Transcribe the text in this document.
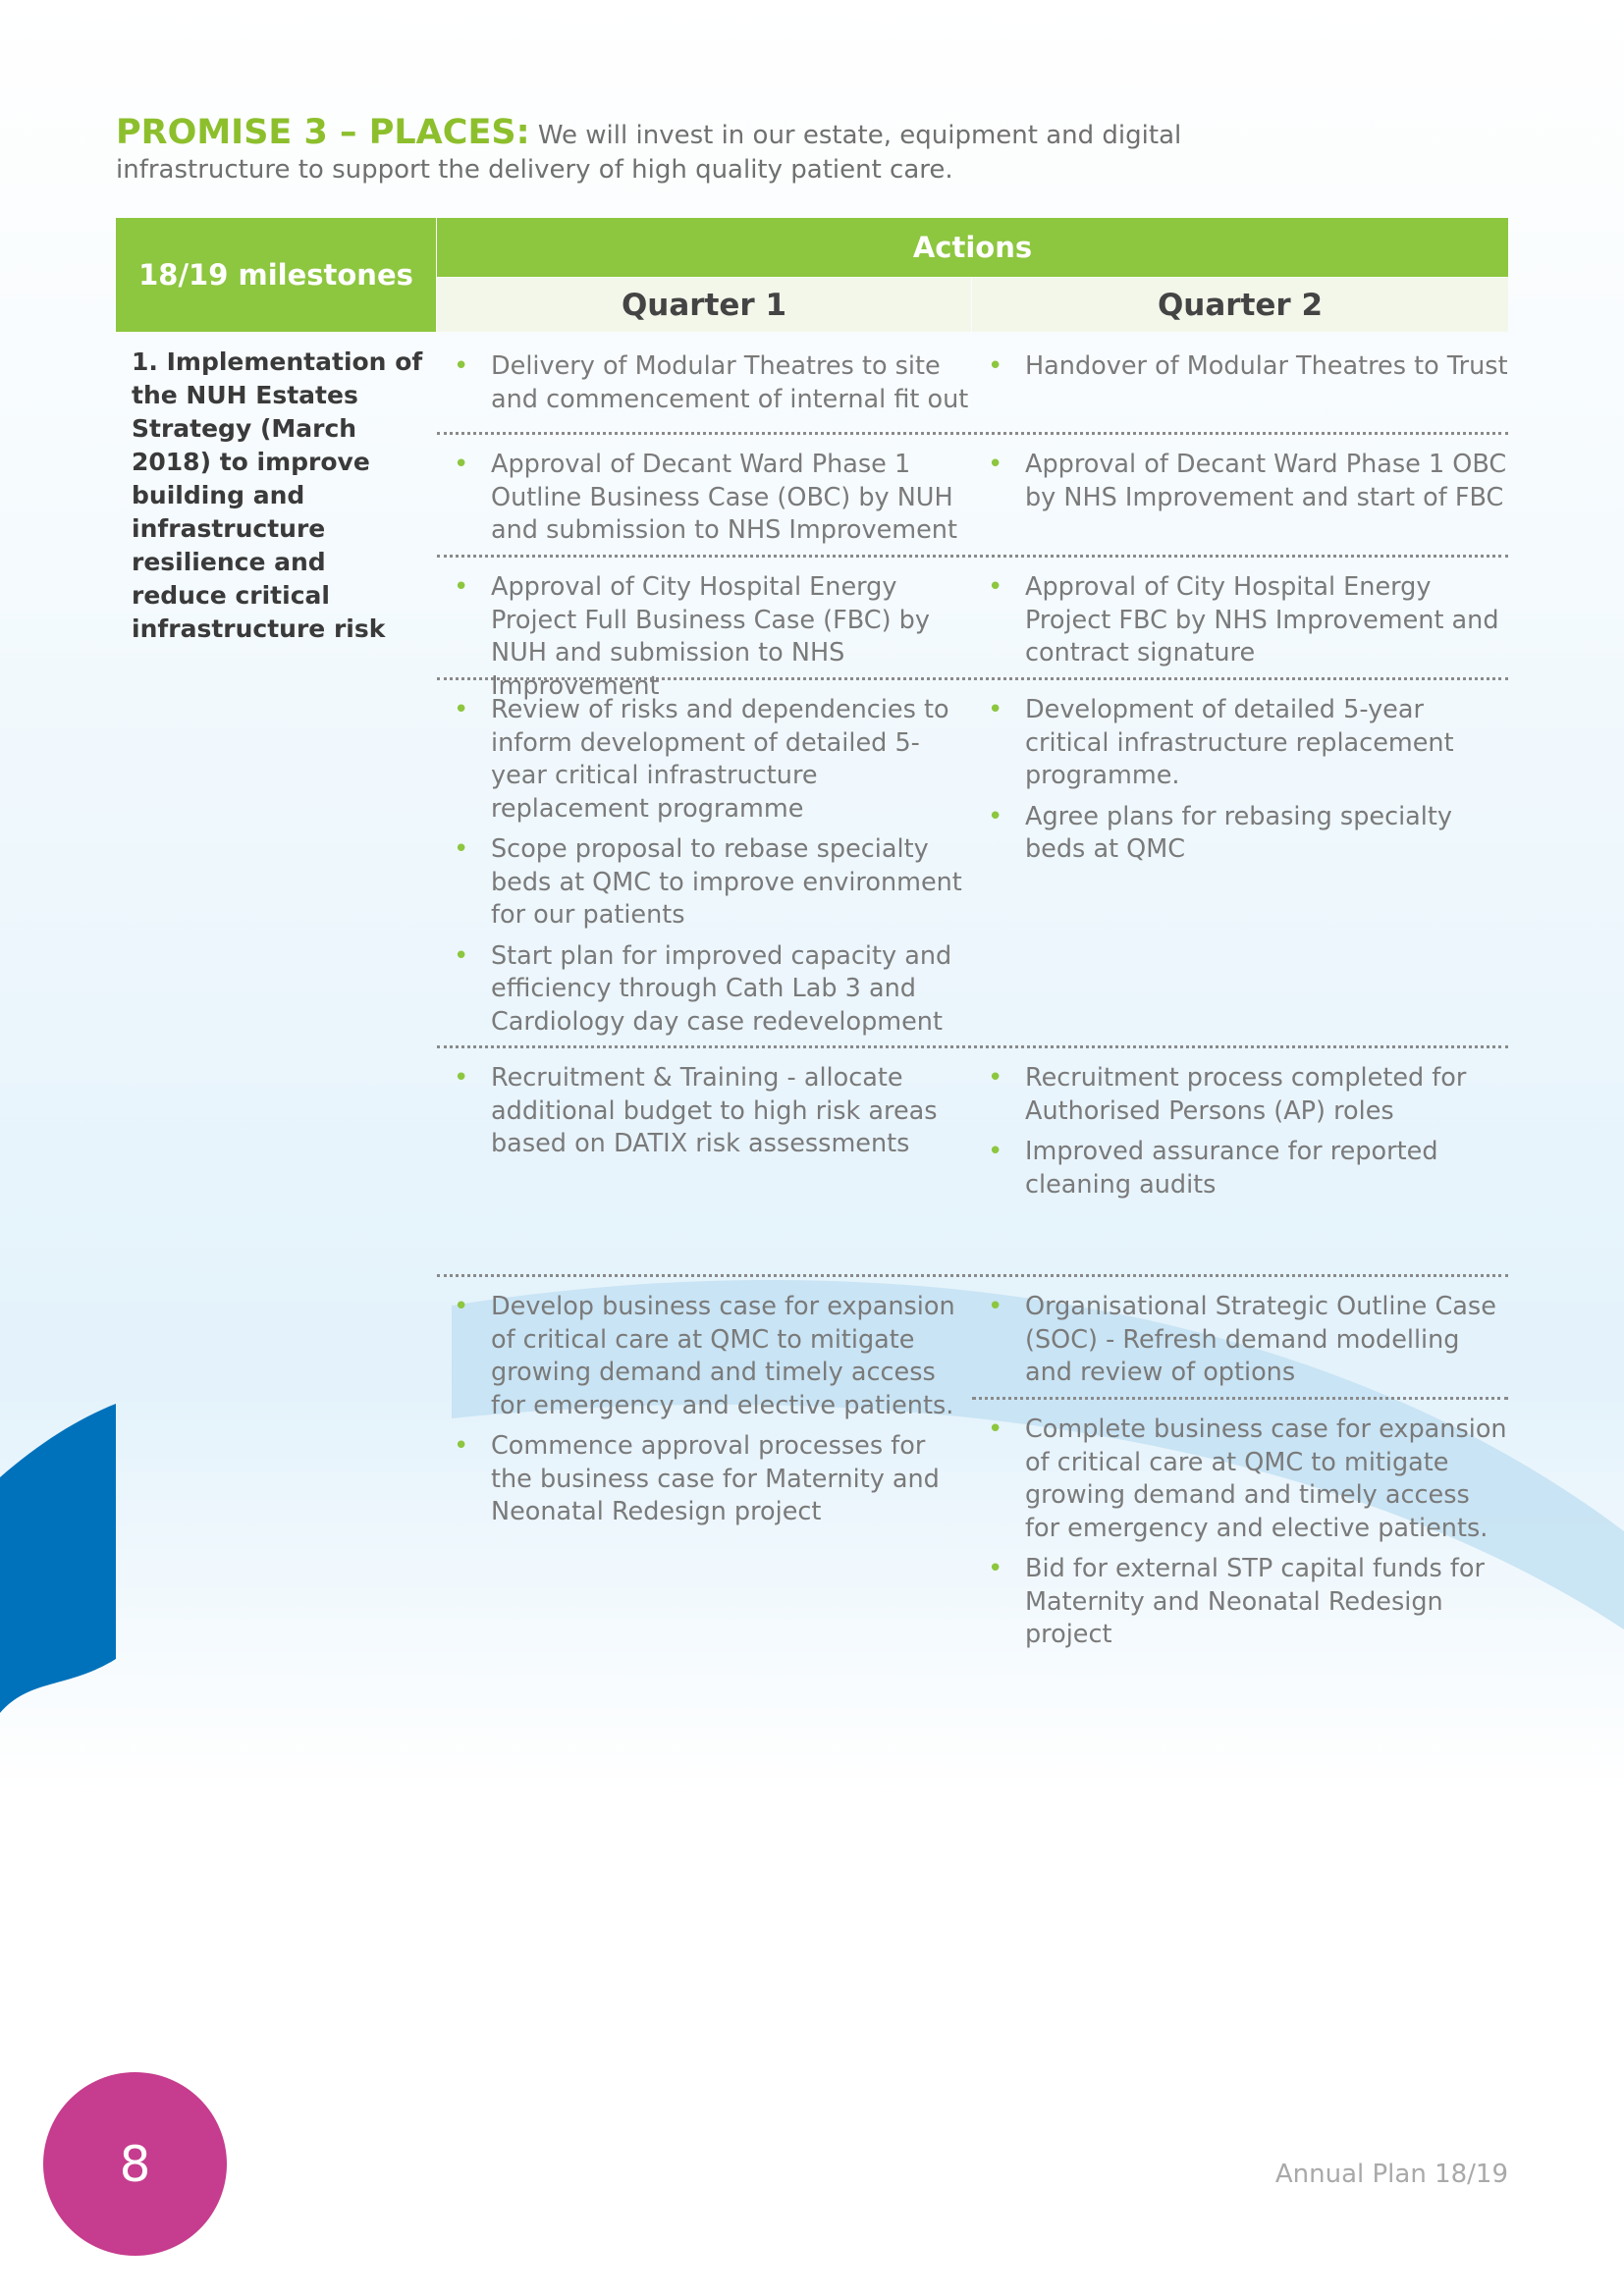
PROMISE 3 – PLACES: We will invest in our estate, equipment and digital infrastructure to support the delivery of high quality patient care.
18/19 milestones
Actions
Quarter 1	Quarter 2
1. Implementation of the NUH Estates Strategy (March 2018) to improve building and infrastructure resilience and reduce critical infrastructure risk
• Delivery of Modular Theatres to site and commencement of internal fit out
• Handover of Modular Theatres to Trust
• Approval of Decant Ward Phase 1 Outline Business Case (OBC) by NUH and submission to NHS Improvement
• Approval of Decant Ward Phase 1 OBC by NHS Improvement and start of FBC
• Approval of City Hospital Energy Project Full Business Case (FBC) by NUH and submission to NHS Improvement
• Approval of City Hospital Energy Project FBC by NHS Improvement and contract signature
• Review of risks and dependencies to inform development of detailed 5-year critical infrastructure replacement programme
• Scope proposal to rebase specialty beds at QMC to improve environment for our patients
• Start plan for improved capacity and efficiency through Cath Lab 3 and Cardiology day case redevelopment
• Development of detailed 5-year critical infrastructure replacement programme.
• Agree plans for rebasing specialty beds at QMC
• Recruitment & Training - allocate additional budget to high risk areas based on DATIX risk assessments
• Recruitment process completed for Authorised Persons (AP) roles
• Improved assurance for reported cleaning audits
• Develop business case for expansion of critical care at QMC to mitigate growing demand and timely access for emergency and elective patients.
• Commence approval processes for the business case for Maternity and Neonatal Redesign project
• Organisational Strategic Outline Case (SOC) - Refresh demand modelling and review of options
• Complete business case for expansion of critical care at QMC to mitigate growing demand and timely access for emergency and elective patients.
• Bid for external STP capital funds for Maternity and Neonatal Redesign project
8	Annual Plan 18/19
